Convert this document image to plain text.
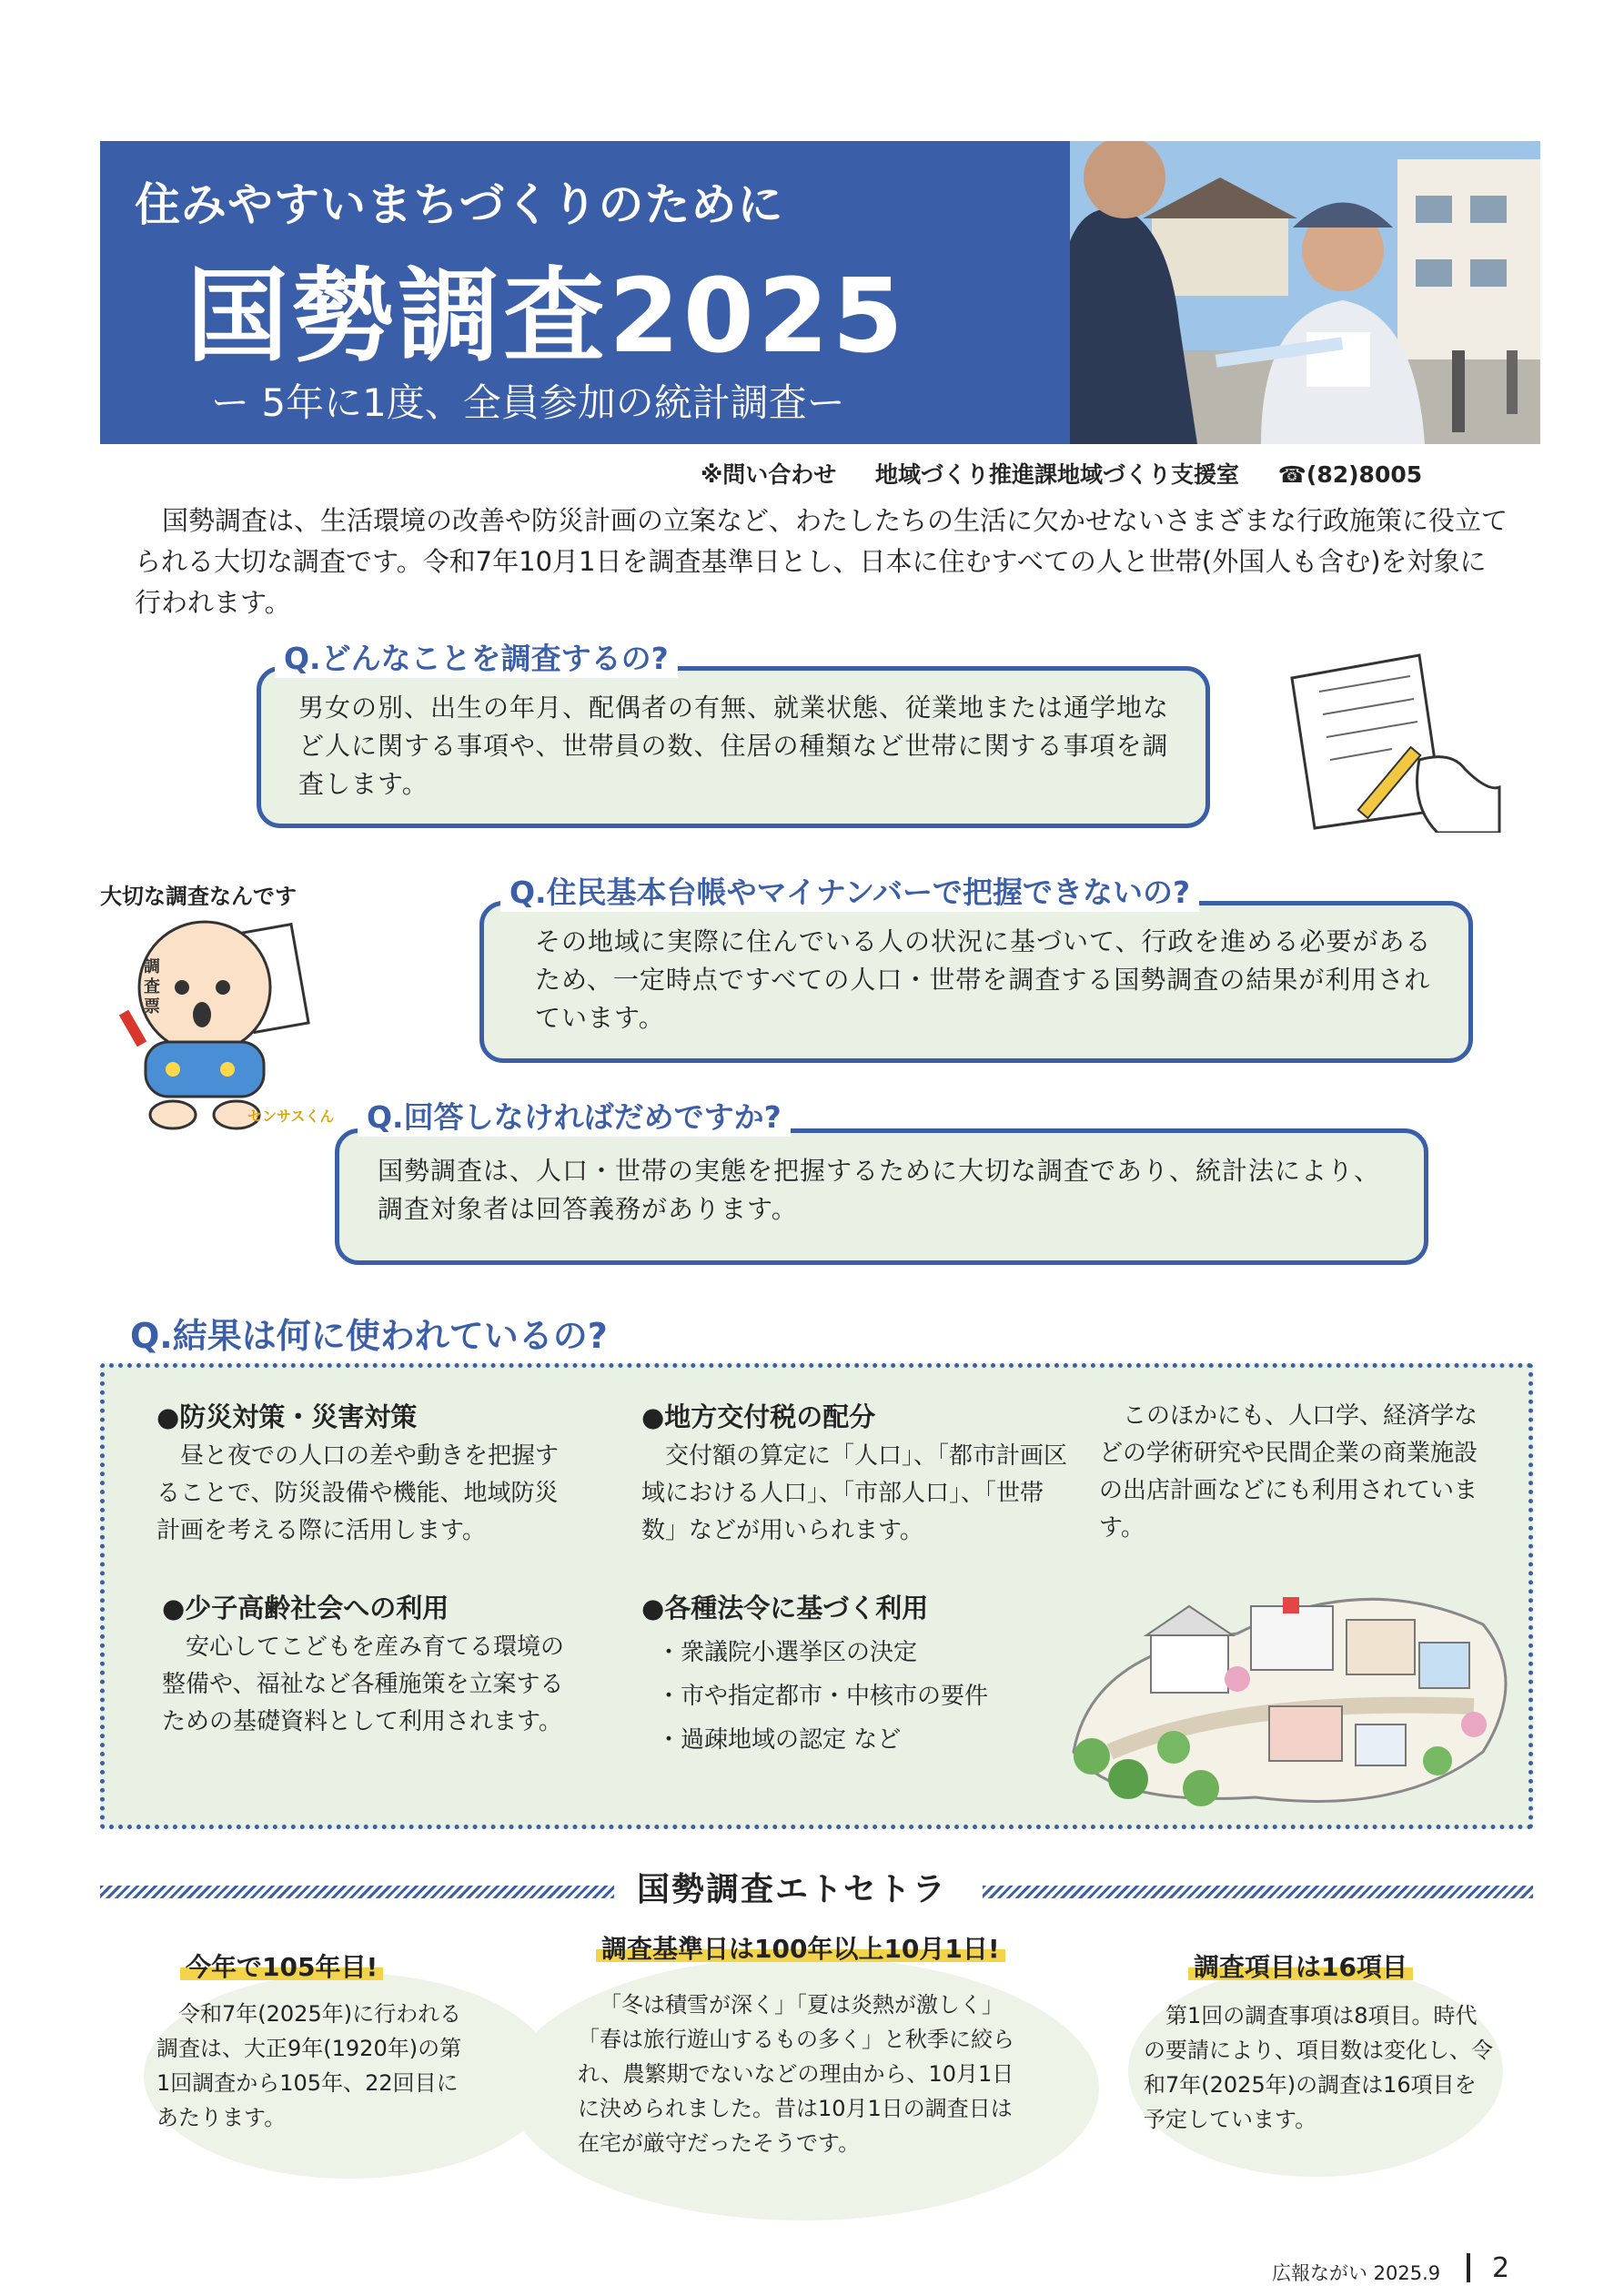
住みやすいまちづくりのために
国勢調査2025
ー 5年に1度、全員参加の統計調査ー
※問い合わせ 地域づくり推進課地域づくり支援室 ☎(82)8005
国勢調査は、生活環境の改善や防災計画の立案など、わたしたちの生活に欠かせないさまざまな行政施策に役立てられる大切な調査です。令和7年10月1日を調査基準日とし、日本に住むすべての人と世帯(外国人も含む)を対象に行われます。
Q.どんなことを調査するの?
男女の別、出生の年月、配偶者の有無、就業状態、従業地または通学地など人に関する事項や、世帯員の数、住居の種類など世帯に関する事項を調査します。
大切な調査なんです
調査票
センサスくん
Q.住民基本台帳やマイナンバーで把握できないの?
その地域に実際に住んでいる人の状況に基づいて、行政を進める必要があるため、一定時点ですべての人口・世帯を調査する国勢調査の結果が利用されています。
Q.回答しなければだめですか?
国勢調査は、人口・世帯の実態を把握するために大切な調査であり、統計法により、調査対象者は回答義務があります。
Q.結果は何に使われているの?
●防災対策・災害対策
昼と夜での人口の差や動きを把握することで、防災設備や機能、地域防災計画を考える際に活用します。
●地方交付税の配分
交付額の算定に「人口」、「都市計画区域における人口」、「市部人口」、「世帯数」などが用いられます。
このほかにも、人口学、経済学などの学術研究や民間企業の商業施設の出店計画などにも利用されています。
●少子高齢社会への利用
安心してこどもを産み育てる環境の整備や、福祉など各種施策を立案するための基礎資料として利用されます。
●各種法令に基づく利用
・衆議院小選挙区の決定
・市や指定都市・中核市の要件
・過疎地域の認定 など
国勢調査エトセトラ
今年で105年目!
令和7年(2025年)に行われる調査は、大正9年(1920年)の第1回調査から105年、22回目にあたります。
調査基準日は100年以上10月1日!
「冬は積雪が深く」「夏は炎熱が激しく」「春は旅行遊山するもの多く」と秋季に絞られ、農繁期でないなどの理由から、10月1日に決められました。昔は10月1日の調査日は在宅が厳守だったそうです。
調査項目は16項目
第1回の調査事項は8項目。時代の要請により、項目数は変化し、令和7年(2025年)の調査は16項目を予定しています。
広報ながい 2025.9 2
